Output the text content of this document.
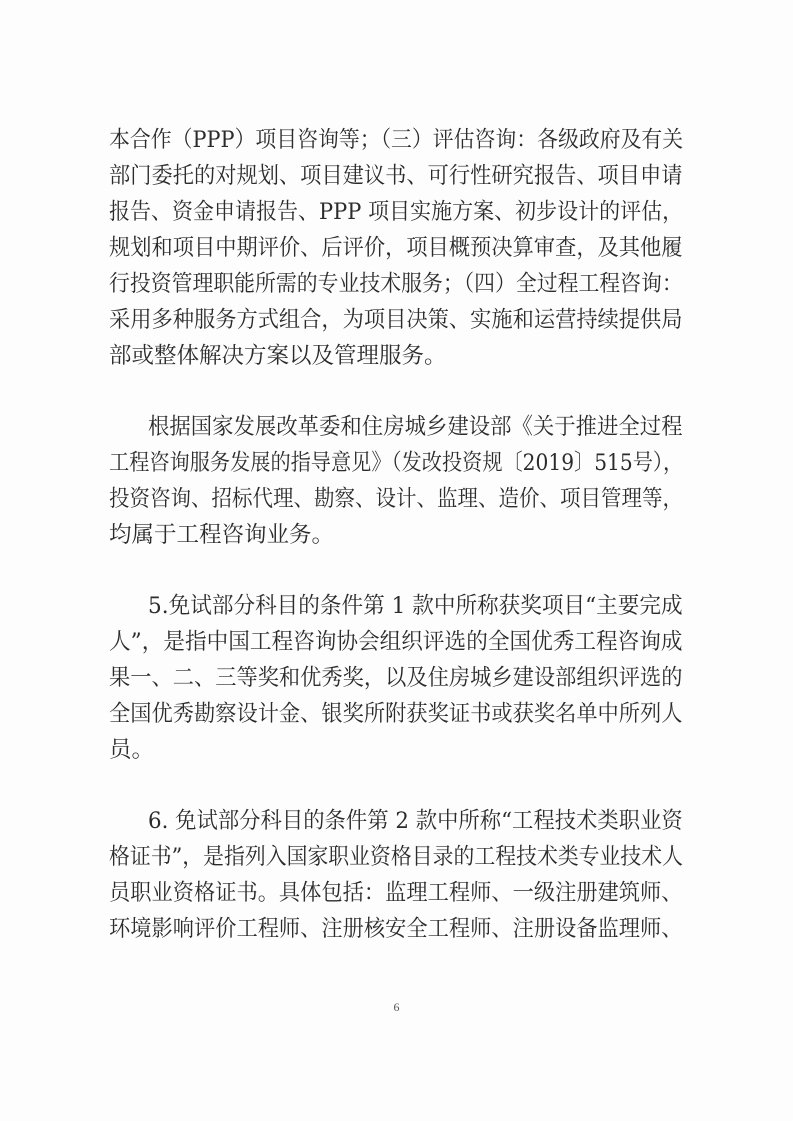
本合作（PPP）项目咨询等；（三）评估咨询：各级政府及有关
部门委托的对规划、项目建议书、可行性研究报告、项目申请
报告、资金申请报告、PPP 项目实施方案、初步设计的评估，
规划和项目中期评价、后评价，项目概预决算审查，及其他履
行投资管理职能所需的专业技术服务；（四）全过程工程咨询：
采用多种服务方式组合，为项目决策、实施和运营持续提供局
部或整体解决方案以及管理服务。
根据国家发展改革委和住房城乡建设部《关于推进全过程
工程咨询服务发展的指导意见》（发改投资规〔2019〕515号），
投资咨询、招标代理、勘察、设计、监理、造价、项目管理等，
均属于工程咨询业务。
5.免试部分科目的条件第 1 款中所称获奖项目“主要完成
人”，是指中国工程咨询协会组织评选的全国优秀工程咨询成
果一、二、三等奖和优秀奖，以及住房城乡建设部组织评选的
全国优秀勘察设计金、银奖所附获奖证书或获奖名单中所列人
员。
6. 免试部分科目的条件第 2 款中所称“工程技术类职业资
格证书”，是指列入国家职业资格目录的工程技术类专业技术人
员职业资格证书。具体包括：监理工程师、一级注册建筑师、
环境影响评价工程师、注册核安全工程师、注册设备监理师、
6
